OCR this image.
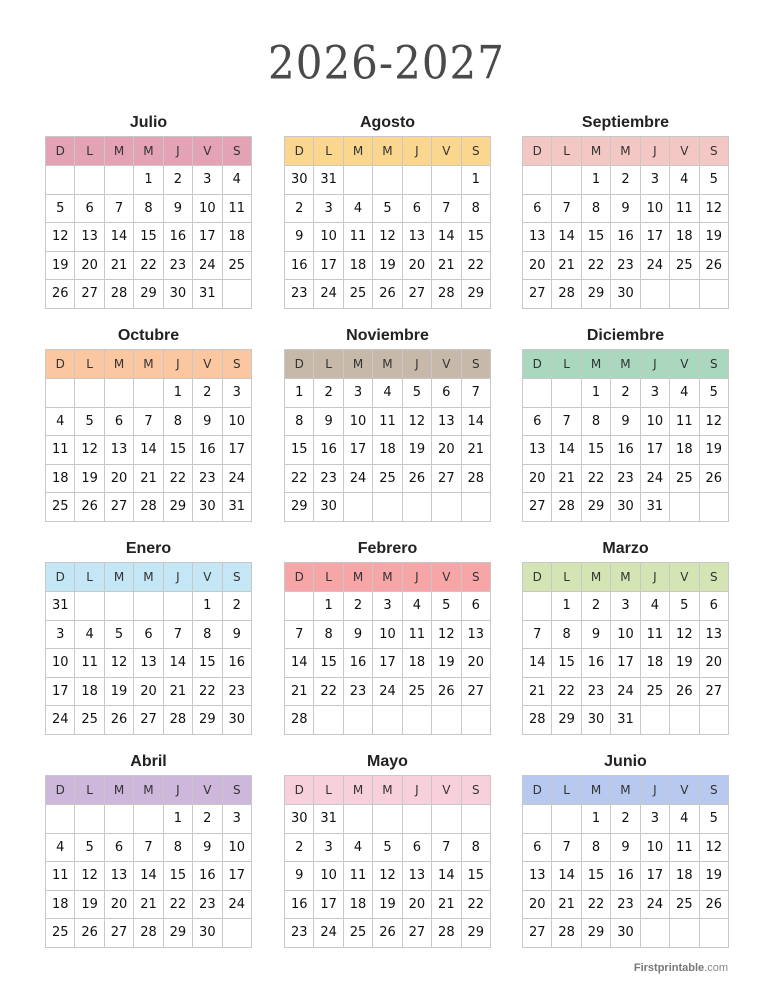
2026-2027
Julio
D	L	M	M	J	V	S
			1	2	3	4
5	6	7	8	9	10	11
12	13	14	15	16	17	18
19	20	21	22	23	24	25
26	27	28	29	30	31	
Agosto
D	L	M	M	J	V	S
30	31					1
2	3	4	5	6	7	8
9	10	11	12	13	14	15
16	17	18	19	20	21	22
23	24	25	26	27	28	29
Septiembre
D	L	M	M	J	V	S
		1	2	3	4	5
6	7	8	9	10	11	12
13	14	15	16	17	18	19
20	21	22	23	24	25	26
27	28	29	30			
Octubre
D	L	M	M	J	V	S
				1	2	3
4	5	6	7	8	9	10
11	12	13	14	15	16	17
18	19	20	21	22	23	24
25	26	27	28	29	30	31
Noviembre
D	L	M	M	J	V	S
1	2	3	4	5	6	7
8	9	10	11	12	13	14
15	16	17	18	19	20	21
22	23	24	25	26	27	28
29	30					
Diciembre
D	L	M	M	J	V	S
		1	2	3	4	5
6	7	8	9	10	11	12
13	14	15	16	17	18	19
20	21	22	23	24	25	26
27	28	29	30	31		
Enero
D	L	M	M	J	V	S
31					1	2
3	4	5	6	7	8	9
10	11	12	13	14	15	16
17	18	19	20	21	22	23
24	25	26	27	28	29	30
Febrero
D	L	M	M	J	V	S
	1	2	3	4	5	6
7	8	9	10	11	12	13
14	15	16	17	18	19	20
21	22	23	24	25	26	27
28						
Marzo
D	L	M	M	J	V	S
	1	2	3	4	5	6
7	8	9	10	11	12	13
14	15	16	17	18	19	20
21	22	23	24	25	26	27
28	29	30	31			
Abril
D	L	M	M	J	V	S
				1	2	3
4	5	6	7	8	9	10
11	12	13	14	15	16	17
18	19	20	21	22	23	24
25	26	27	28	29	30	
Mayo
D	L	M	M	J	V	S
30	31					
2	3	4	5	6	7	8
9	10	11	12	13	14	15
16	17	18	19	20	21	22
23	24	25	26	27	28	29
Junio
D	L	M	M	J	V	S
		1	2	3	4	5
6	7	8	9	10	11	12
13	14	15	16	17	18	19
20	21	22	23	24	25	26
27	28	29	30			
Firstprintable.com
